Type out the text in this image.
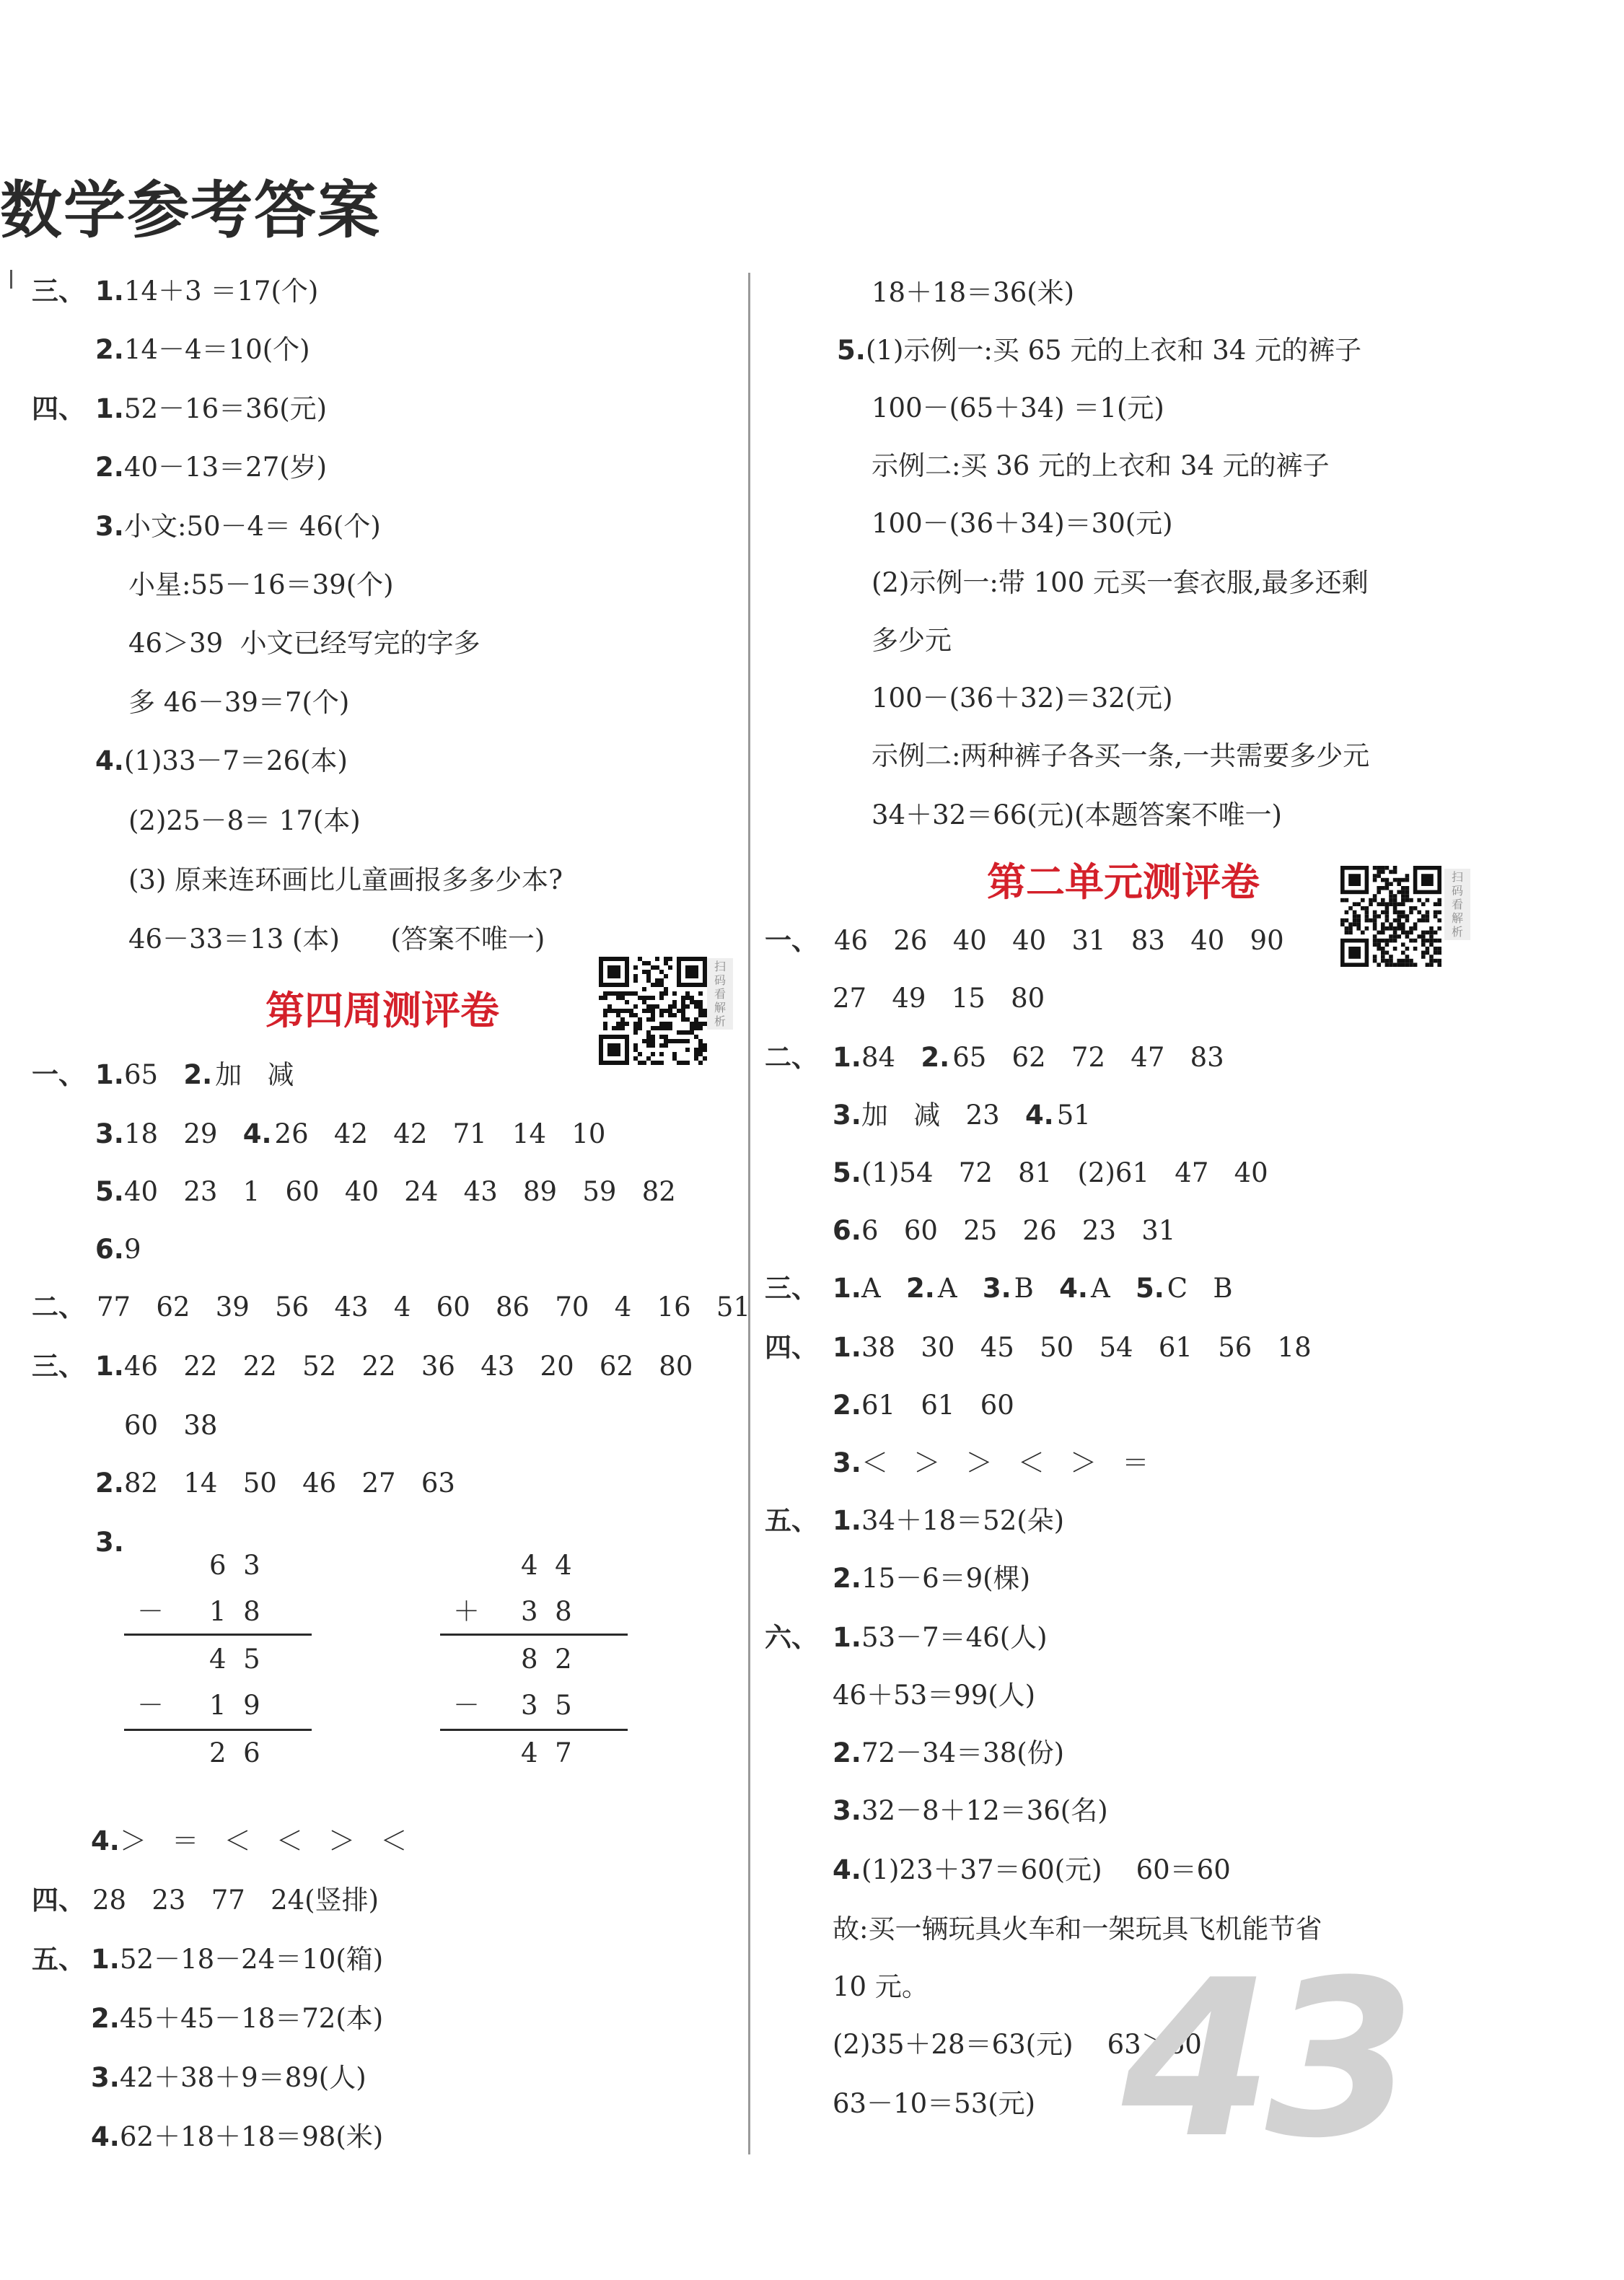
数学参考答案
三、 1. 14＋3 ＝17(个)
2. 14－4＝10(个)
四、 1. 52－16＝36(元)
2. 40－13＝27(岁)
3. 小文:50－4＝ 46(个)
小星:55－16＝39(个)
46＞39  小文已经写完的字多
多 46－39＝7(个)
4. (1)33－7＝26(本)
(2)25－8＝ 17(本)
(3) 原来连环画比儿童画报多多少本?
46－33＝13 (本)      (答案不唯一)
一、 1. 65 2. 加   减
3. 18   29 4. 26   42   42   71   14   10
5. 40   23   1   60   40   24   43   89   59   82
6. 9
二、 77   62   39   56   43   4   60   86   70   4   16   51
三、 1. 46   22   22   52   22   36   43   20   62   80
60   38
2. 82   14   50   46   27   63
3.
4. ＞   ＝   ＜   ＜   ＞   ＜
四、 28   23   77   24(竖排)
五、 1. 52－18－24＝10(箱)
2. 45＋45－18＝72(本)
3. 42＋38＋9＝89(人)
4. 62＋18＋18＝98(米)
第四周测评卷
扫码看解析
6  3
1  8
4  5
1  9
2  6
－
－
4  4
3  8
8  2
3  5
4  7
＋
－
18＋18＝36(米)
5. (1)示例一:买 65 元的上衣和 34 元的裤子
100－(65＋34) ＝1(元)
示例二:买 36 元的上衣和 34 元的裤子
100－(36＋34)＝30(元)
(2)示例一:带 100 元买一套衣服,最多还剩
多少元
100－(36＋32)＝32(元)
示例二:两种裤子各买一条,一共需要多少元
34＋32＝66(元)(本题答案不唯一)
一、 46   26   40   40   31   83   40   90
27   49   15   80
二、 1. 84 2. 65   62   72   47   83
3. 加   减   23 4. 51
5. (1)54   72   81   (2)61   47   40
6. 6   60   25   26   23   31
三、 1. A 2. A 3. B 4. A 5. C   B
四、 1. 38   30   45   50   54   61   56   18
2. 61   61   60
3. ＜   ＞   ＞   ＜   ＞   ＝
五、 1. 34＋18＝52(朵)
2. 15－6＝9(棵)
六、 1. 53－7＝46(人)
46＋53＝99(人)
2. 72－34＝38(份)
3. 32－8＋12＝36(名)
4. (1)23＋37＝60(元)    60＝60
故:买一辆玩具火车和一架玩具飞机能节省
10 元。
(2)35＋28＝63(元)    63＞60
63－10＝53(元)
第二单元测评卷	扫码看解析
43
